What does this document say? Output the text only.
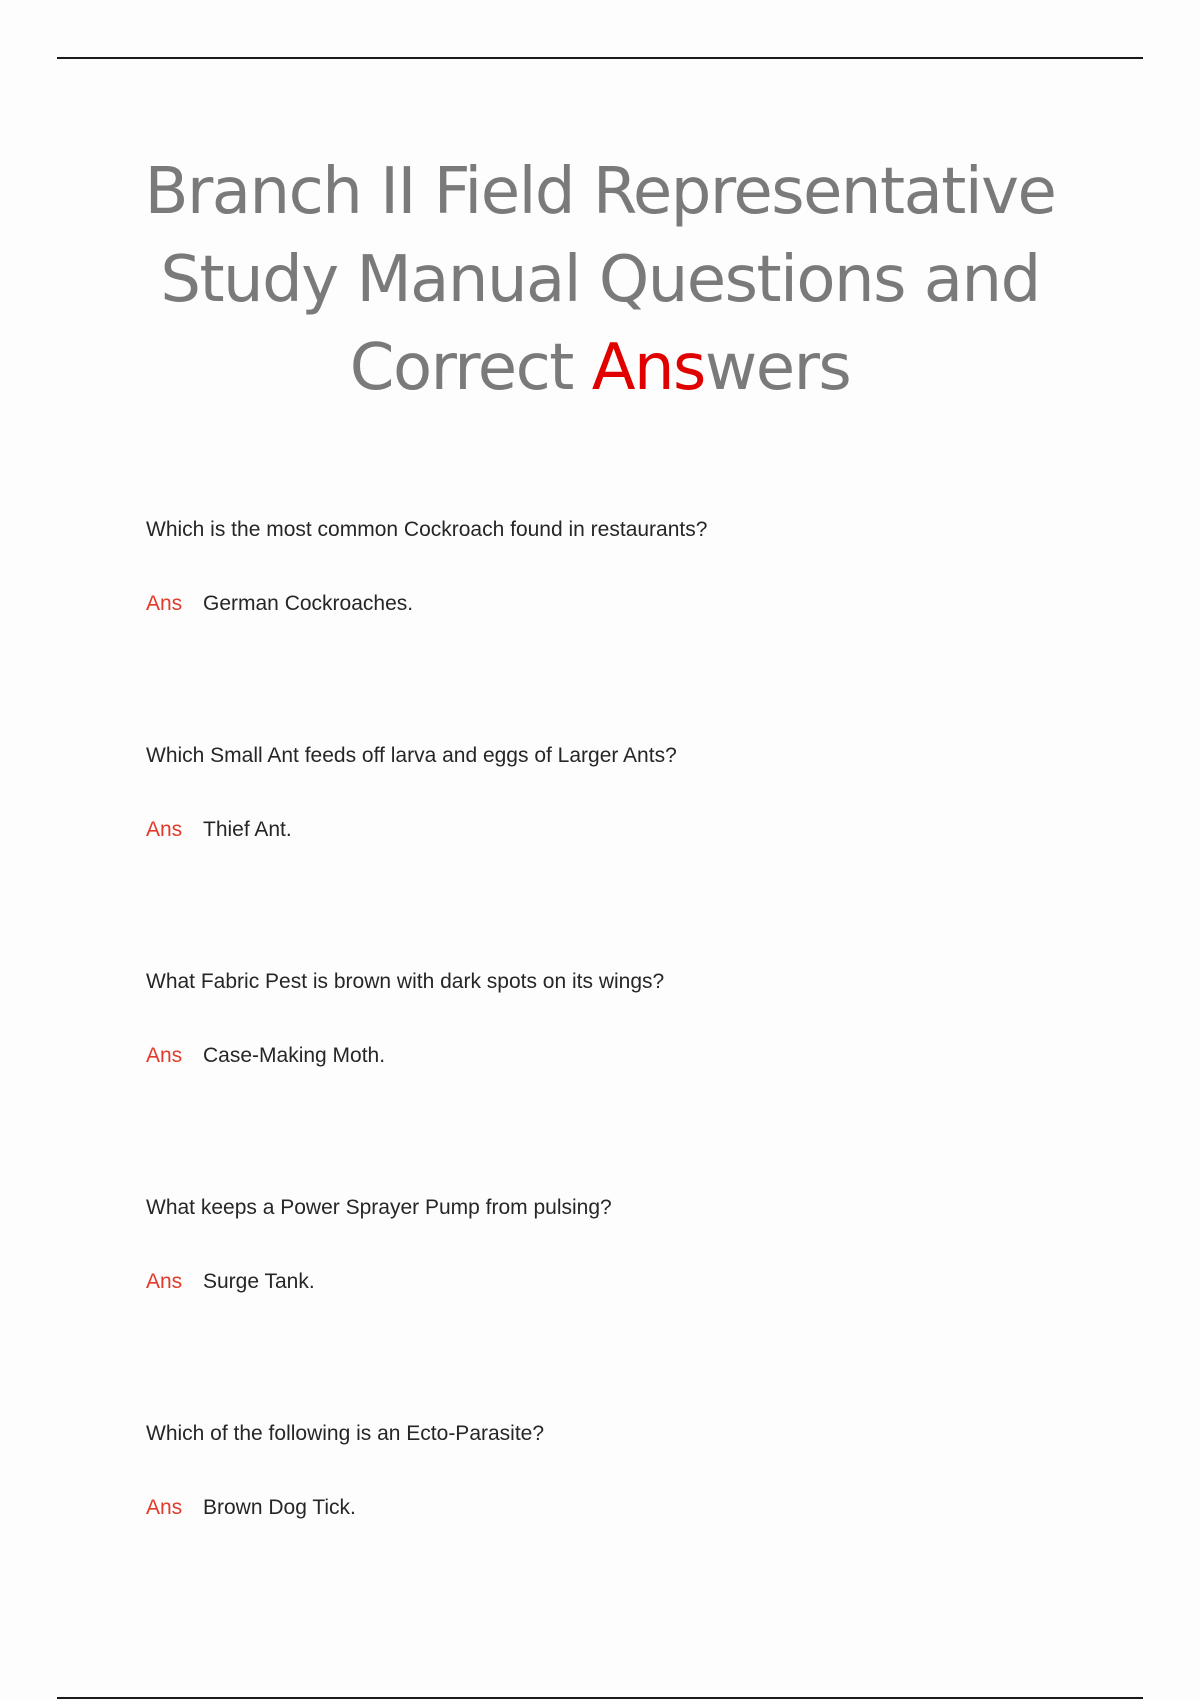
Branch II Field Representative
Study Manual Questions and
Correct Answers

Which is the most common Cockroach found in restaurants?

Ans German Cockroaches.

Which Small Ant feeds off larva and eggs of Larger Ants?

Ans Thief Ant.

What Fabric Pest is brown with dark spots on its wings?

Ans Case-Making Moth.

What keeps a Power Sprayer Pump from pulsing?

Ans Surge Tank.

Which of the following is an Ecto-Parasite?

Ans Brown Dog Tick.
